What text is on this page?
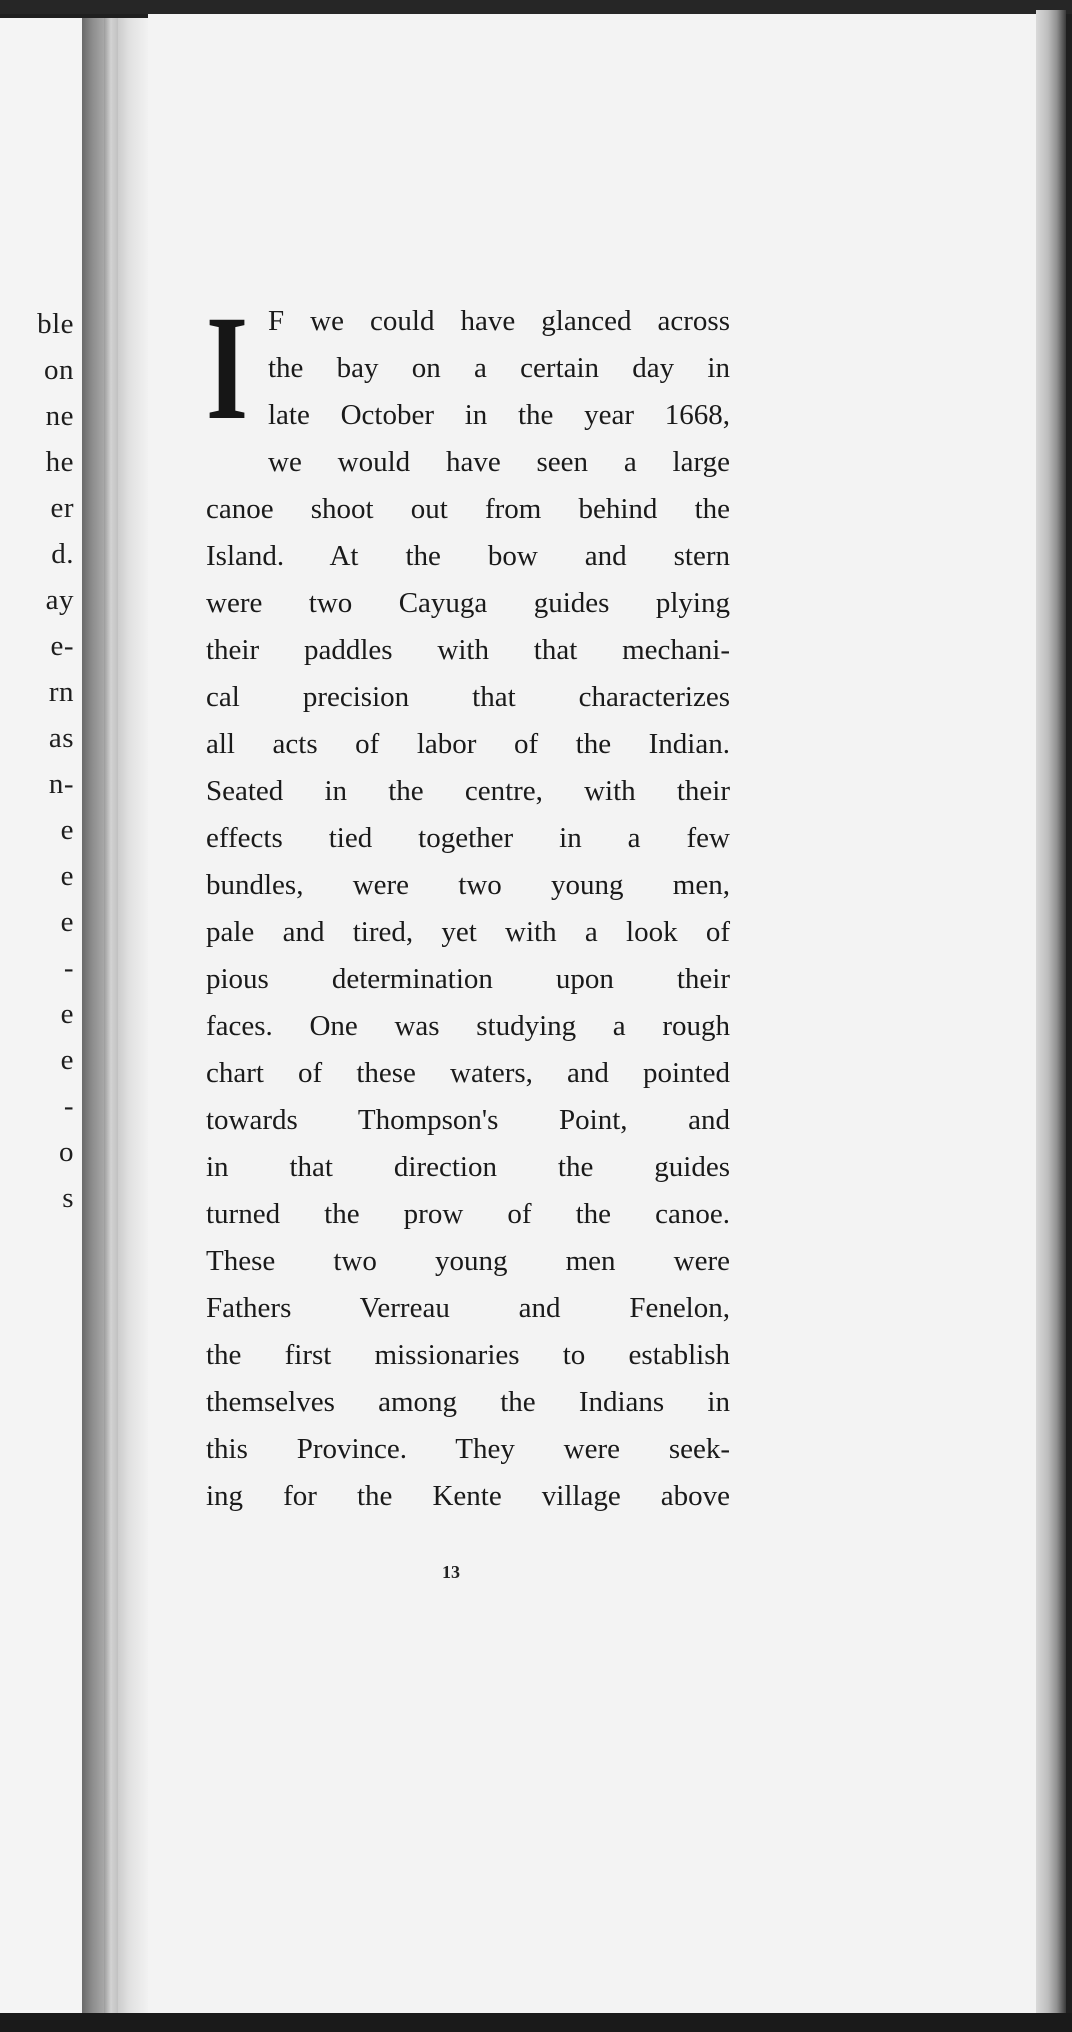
ble
on
ne
he
er
d.
ay
e-
rn
as
n-
e
e
e
-
e
e
-
o
s
I F we could have glanced across
the bay on a certain day in
late October in the year 1668,
we would have seen a large
canoe shoot out from behind the
Island. At the bow and stern
were two Cayuga guides plying
their paddles with that mechani-
cal precision that characterizes
all acts of labor of the Indian.
Seated in the centre, with their
effects tied together in a few
bundles, were two young men,
pale and tired, yet with a look of
pious determination upon their
faces. One was studying a rough
chart of these waters, and pointed
towards Thompson's Point, and
in that direction the guides
turned the prow of the canoe.
These two young men were
Fathers Verreau and Fenelon,
the first missionaries to establish
themselves among the Indians in
this Province. They were seek-
ing for the Kente village above
13
